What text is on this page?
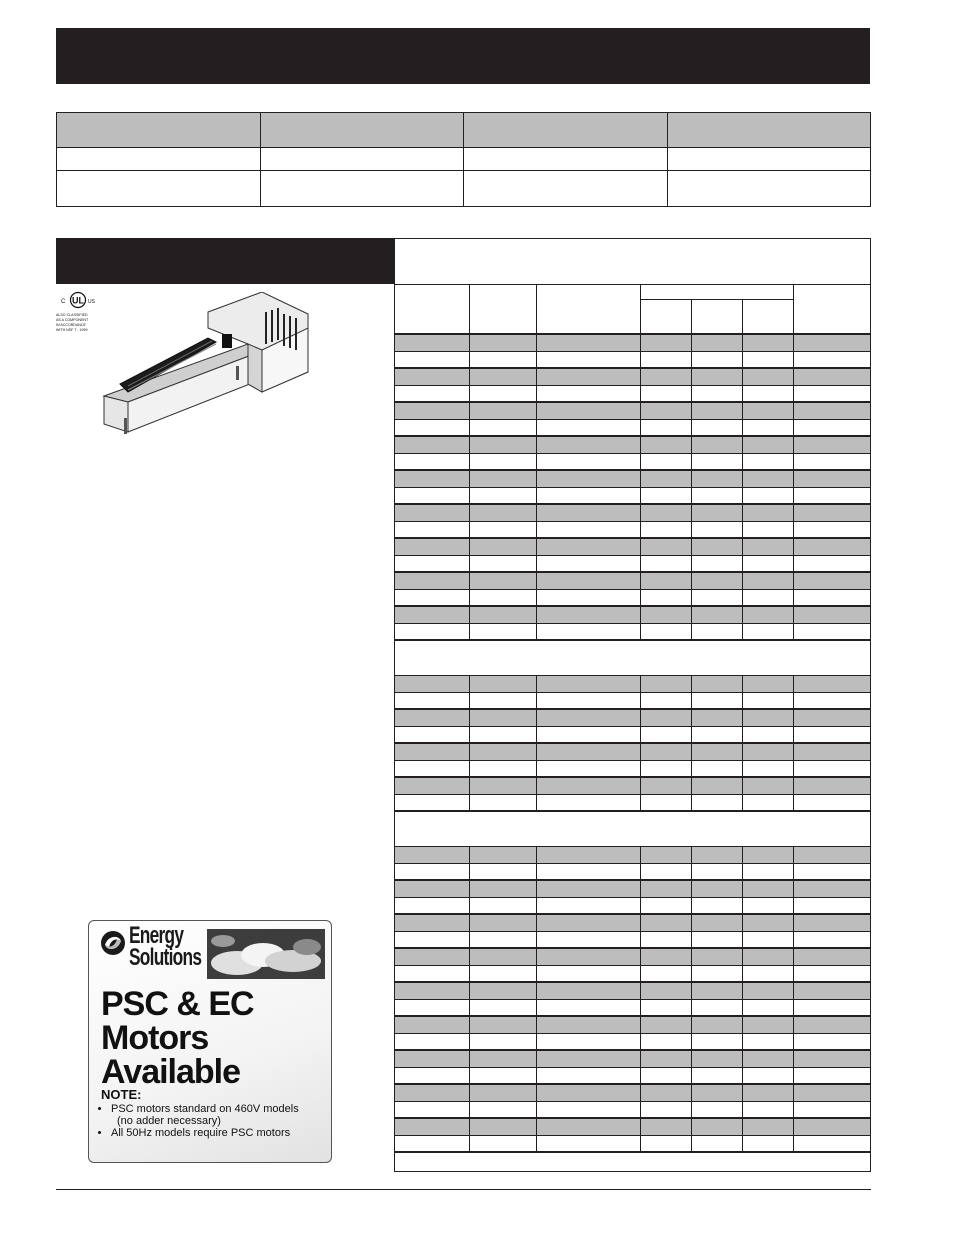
UL
C	US
ALSO CLASSIFIED
AS A COMPONENT
IN ACCORDANCE
WITH NSF 7 - 1999
Energy
Solutions
PSC & EC
Motors
Available
NOTE:
• PSC motors standard on 460V models
(no adder necessary)
• All 50Hz models require PSC motors
